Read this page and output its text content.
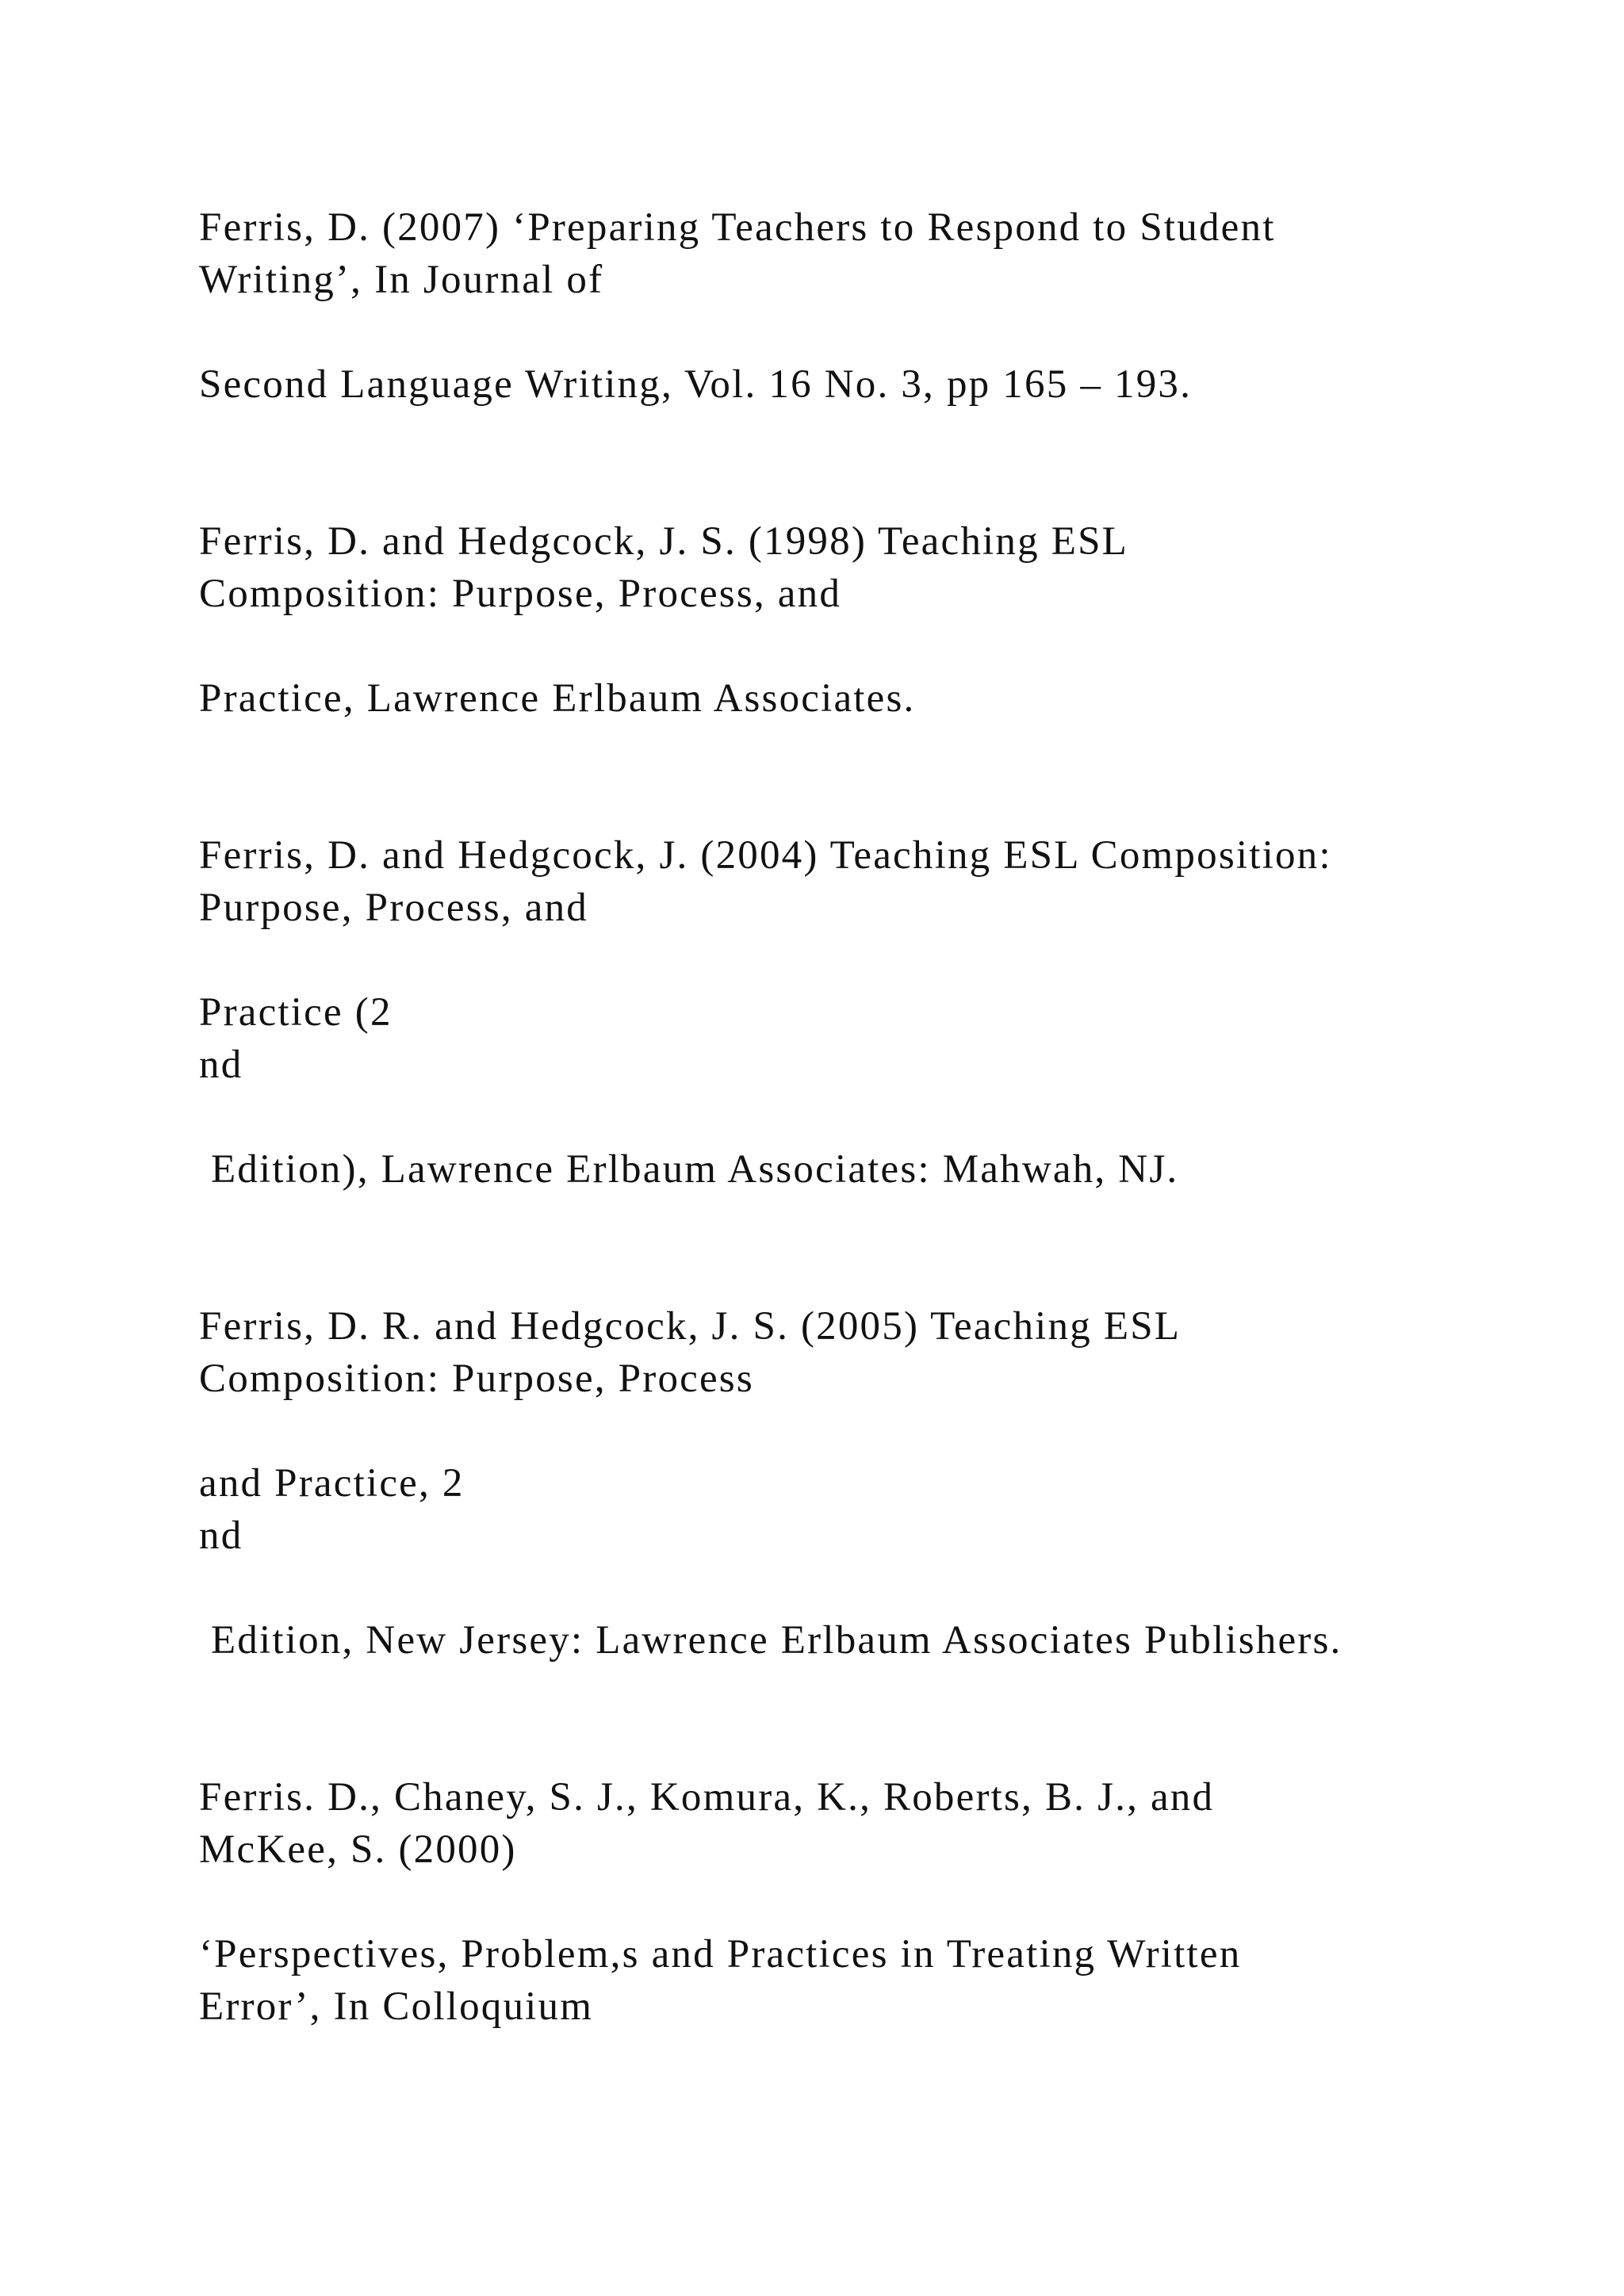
Ferris, D. (2007) ‘Preparing Teachers to Respond to Student

Writing’, In Journal of

Second Language Writing, Vol. 16 No. 3, pp 165 – 193.

Ferris, D. and Hedgcock, J. S. (1998) Teaching ESL

Composition: Purpose, Process, and

Practice, Lawrence Erlbaum Associates.

Ferris, D. and Hedgcock, J. (2004) Teaching ESL Composition:

Purpose, Process, and

Practice (2

nd

Edition), Lawrence Erlbaum Associates: Mahwah, NJ.

Ferris, D. R. and Hedgcock, J. S. (2005) Teaching ESL

Composition: Purpose, Process

and Practice, 2

nd

Edition, New Jersey: Lawrence Erlbaum Associates Publishers.

Ferris. D., Chaney, S. J., Komura, K., Roberts, B. J., and

McKee, S. (2000)

‘Perspectives, Problem,s and Practices in Treating Written

Error’, In Colloquium
